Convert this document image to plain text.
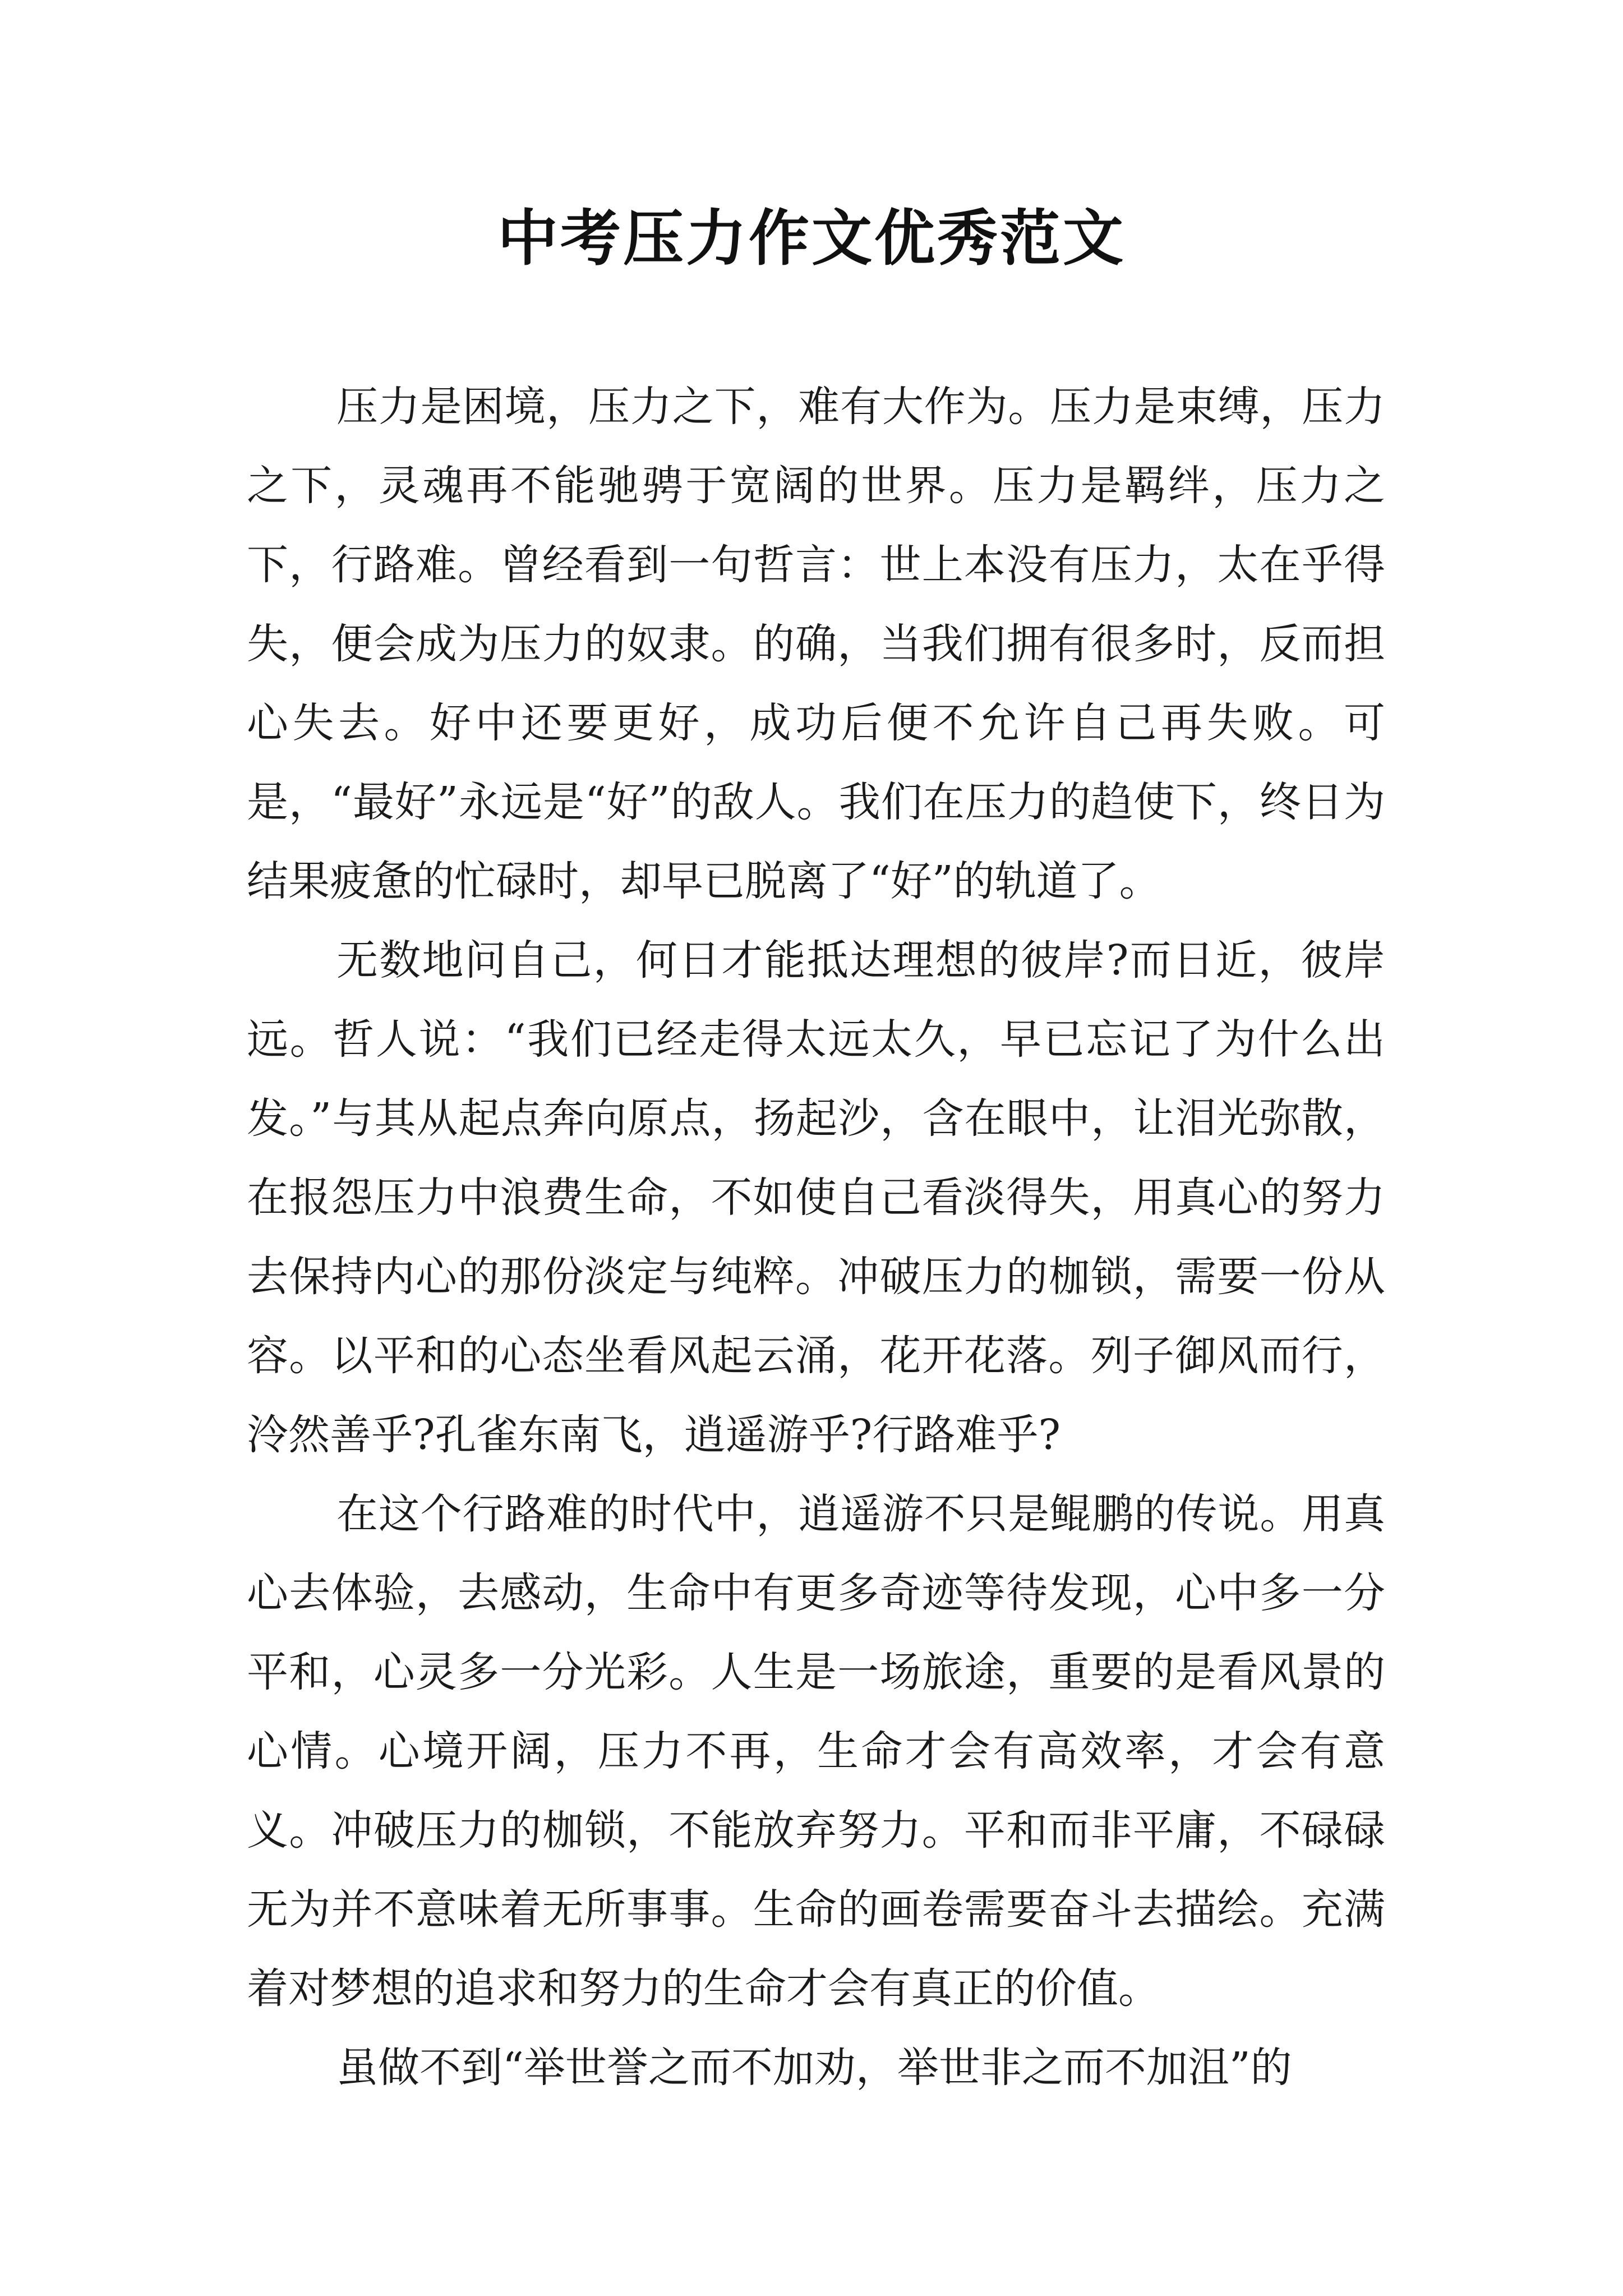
中考压力作文优秀范文

压力是困境，压力之下，难有大作为。压力是束缚，压力之下，灵魂再不能驰骋于宽阔的世界。压力是羁绊，压力之下，行路难。曾经看到一句哲言：世上本没有压力，太在乎得失，便会成为压力的奴隶。的确，当我们拥有很多时，反而担心失去。好中还要更好，成功后便不允许自己再失败。可是，“最好”永远是“好”的敌人。我们在压力的趋使下，终日为结果疲惫的忙碌时，却早已脱离了“好”的轨道了。

无数地问自己，何日才能抵达理想的彼岸?而日近，彼岸远。哲人说：“我们已经走得太远太久，早已忘记了为什么出发。”与其从起点奔向原点，扬起沙，含在眼中，让泪光弥散，在报怨压力中浪费生命，不如使自己看淡得失，用真心的努力去保持内心的那份淡定与纯粹。冲破压力的枷锁，需要一份从容。以平和的心态坐看风起云涌，花开花落。列子御风而行，泠然善乎?孔雀东南飞，逍遥游乎?行路难乎?

在这个行路难的时代中，逍遥游不只是鲲鹏的传说。用真心去体验，去感动，生命中有更多奇迹等待发现，心中多一分平和，心灵多一分光彩。人生是一场旅途，重要的是看风景的心情。心境开阔，压力不再，生命才会有高效率，才会有意义。冲破压力的枷锁，不能放弃努力。平和而非平庸，不碌碌无为并不意味着无所事事。生命的画卷需要奋斗去描绘。充满着对梦想的追求和努力的生命才会有真正的价值。

虽做不到“举世誉之而不加劝，举世非之而不加沮”的
